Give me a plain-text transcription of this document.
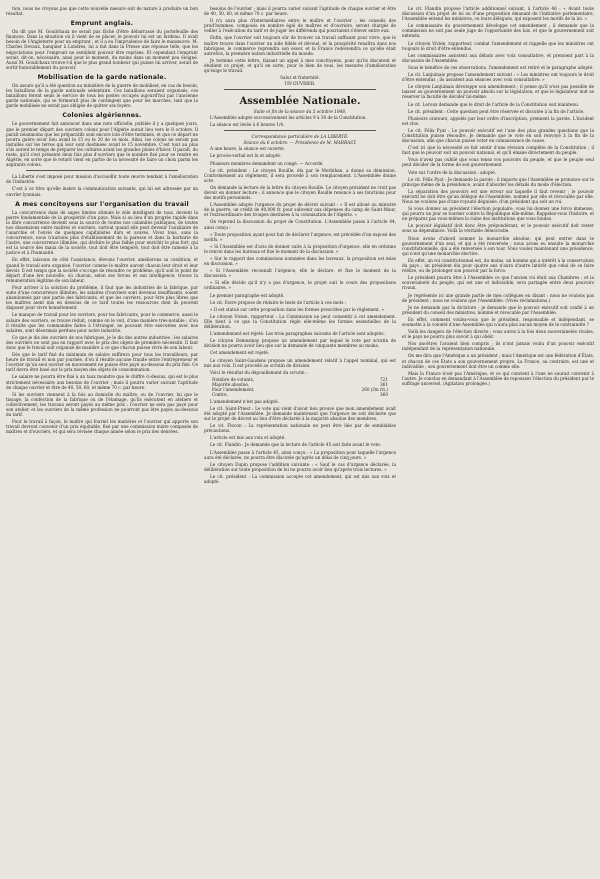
tion, nous ne croyons pas que cette nouvelle mesure soit de nature à produire un bon résultat.

Emprunt anglais.

On dit que M. Goudchaux ne serait pas fâché d'être débarrassé du portefeuille des finances. Dans la situation où il vient de se placer, le pouvoir lui est un fardeau. Il avait besoin de l'Angleterre pour un emprunt ; et il a eu l'imprudence de faire le manœuvre. M. Charles Devaux, banquier à Londres, lui a fait dans la Presse une réponse telle, que les négociations pour l'emprunt ne semblent pouvoir être reprises. Et cependant l'emprunt serait, dit-on, nécessaire, ainsi pour le moment, du moins dans un moment peu éloigné. Aussi M. Goudchaux trouve-t-il que le plus grand bonheur qui puisse lui arriver, serait de sortir honorablement du pouvoir.

Mobilisation de la garde nationale.

On assure qu'il a été question au ministère de la guerre de mobiliser, en cas de besoin, les bataillons de la garde nationale sédentaire. Ces bataillons seraient organisés, ces bataillons feront seuls le service de tous les postes occupés aujourd'hui par l'ancienne garde nationale, qui se formerait plus de contingent que pour les marches, tant que la garde mobilisée ne serait pas obligée de quitter ses foyers.

Colonies algériennes.

Le gouvernement fait annoncer dans une note officielle, publiée il y a quelques jours, que le premier départ des ouvriers colons pour l'Algérie aurait lieu vers le 8 octobre. Il paraît néanmoins que les préparatifs sont encore loin d'être terminés, et que ce départ ne pourra guère avoir lieu avant le 15 ou le 20 de ce mois. Ainsi, les colons ne seront pas installés sur les terres qui leur sont destinées avant le 15 novembre. C'est tout au plus s'ils auront le temps de préparer les cultures avant les grandes pluies d'hiver. Il paraît, du reste, qu'il s'est présenté deux fois plus d'ouvriers que le nombre fixé pour se rendre en Algérie, en sorte que le retard vient en partie de la nécessité de faire un choix parmi les aspirants colons.

La Liberté s'est imposé pour mission d'accueillir toute œuvre tendant à l'amélioration de l'industrie.

C'est à ce titre qu'elle insère la communication suivante, qui lui est adressée par un ouvrier lyonnais.

A mes concitoyens sur l'organisation du travail

La concurrence dans de sages limites stimule le zèle intelligent de tous, devient la pierre fondamentale de la prospérité d'un pays. Mais si au lieu d'un progrès rapide dans la libre concurrence devient sous la source de toutes nos calamités publiques, de toutes nos dissensions entre maîtres et ouvriers, surtout quand elle peut devenir l'auxiliaire de l'anarchie et l'envie de quelques capitalistes durs et avares. Vivez tous, sans la concurrence, nous n'aurions plus d'établissement de la paresse et dans la barbarie de l'autre, une concurrence illimitée, qui déchire le plus faible pour enrichir le plus fort, qui est la source des maux de la société, tout doit être tempéré, tout doit être ramené à la justice et à l'humanité.

En effet, laissons de côté l'assistance, élevons l'ouvrier, améliorons sa condition, et quand le travail sera organisé, l'ouvrier comme le maître auront chacun leur droit et leur devoir. Il est temps que la société s'occupe de résoudre ce problème, qu'il soit le point de départ d'une ère nouvelle, où chacun, selon ses forces et son intelligence, trouve la rémunération légitime de son labeur.

Pour arriver à la solution du problème, il faut que les industries de la fabrique, par suite d'une concurrence illimitée, les salaires d'ouvriers sont devenus insuffisants, soient abandonnés par une partie des fabricants, et que les ouvriers, pour être plus libres que les maîtres aient mis en dessous de ce tarif toutes les ressources dont ils peuvent disposer pour vivre honnêtement.

Le manque de travail pour les ouvriers, pour les fabricants, pour le commerce, aussi le salaire des ouvriers, se trouve réduit, comme on le voit, d'une manière très-notable ; d'où il résulte que les commandes faites à l'étranger, ne pouvant être exécutées avec nos salaires, sont désormais perdues pour notre industrie.

Ce que je dis des ouvriers de nos fabriques, je le dis des autres industries ; les salaires des ouvriers ne sont pas en rapport avec le prix des objets de première nécessité. Il faut donc que le travail soit organisé de manière à ce que chacun puisse vivre de son labeur.

Dès que le tarif fixé du minimum de salaire suffirera pour tous les travailleurs, par heure de travail et non par journée, d'où il résulte aucune fraude entre l'entrepreneur et l'ouvrier qu'un seul ouvrier en mouvement ne puisse être payé au-dessous du prix fixé. Ce tarif devra être basé sur le prix moyen des objets de consommation.

Le salaire ne pourra être fixé à un taux moindre que le chiffre ci-dessus, qui est le plus strictement nécessaire aux besoins de l'ouvrier ; mais il pourra varier suivant l'aptitude de chaque ouvrier et être de 40, 50, 60, et même 70 c. par heure.

Si les ouvriers viennent à la fois au domicile du maître, ou de l'ouvrier, lui que le tissage, la confection de la fabrique ou de l'étamage, qu'ils exécutent en ateliers et collectivement, les travaux seront payés au même prix ; l'ouvrier ne sera pas payé pour son atelier, et les ouvriers de la même profession ne pourront pas être payés au-dessous du tarif.

Pour le travail à façon, le maître qui fournit les matières et l'ouvrier qui apporte son travail devront convenir d'un prix équitable, fixé par une commission mixte composée de maîtres et d'ouvriers, et qui sera révisée chaque année selon le prix des denrées.

besoins de l'ouvrier ; mais il pourra varier suivant l'aptitude de chaque ouvrier et être de 40, 50, 60, et même 70 c. par heure.

Il n'y aura plus d'intermédiaires entre le maître et l'ouvrier ; les conseils des prud'hommes, composés en nombre égal de maîtres et d'ouvriers, seront chargés de veiller à l'exécution du tarif et de juger les différends qui pourraient s'élever entre eux.

Enfin, que l'ouvrier soit toujours sûr de trouver un travail suffisant pour vivre, que le maître trouve dans l'ouvrier un aide fidèle et dévoué, et la prospérité renaîtra dans nos fabriques, le commerce reprendra son essor, et la France redeviendra ce qu'elle était autrefois, la première nation industrielle du monde.

Je termine cette lettre, faisant un appel à mes concitoyens, pour qu'ils discutent et étudient ce projet, et qu'il en sorte, pour le bien de tous, les mesures d'amélioration qu'exige le travail.

Salut et fraternité.
UN OUVRIER.
Assemblée Nationale.
Suite et fin de la séance du 5 octobre 1848.

L'Assemblée adopte successivement les articles 9 à 30 de la Constitution.

La séance est levée à 6 heures 1/4.

Correspondance particulière de LA LIBERTÉ.
Séance du 6 octobre. — Présidence de M. MARRAST.

A une heure, la séance est ouverte.

Le procès-verbal est lu et adopté.

Plusieurs membres demandent un congé. — Accordé.

Le cit. président : Le citoyen Rouille, élu par le Morbihan, a donné sa démission. Conformément au règlement, il sera procédé à son remplacement. L'Assemblée donne acte.

On demande la lecture de la lettre du citoyen Rouille. Le citoyen président ne croit pas devoir en donner lecture ; il annonce que le citoyen Rouille renonce à ses fonctions pour des motifs personnels.

L'Assemblée adopte l'urgence du projet de décret suivant : « Il est alloué au ministre de la guerre, un crédit de 40,000 fr. pour subvenir aux dépenses du camp de Saint-Maur, et l'extraordinaire des troupes destinées à la colonisation de l'Algérie. »

On reprend la discussion du projet de Constitution. L'Assemblée passe à l'article 44, ainsi conçu :

« Toute proposition ayant pour but de déclarer l'urgence, est précédée d'un exposé des motifs. »

« Si l'Assemblée est d'avis de donner suite à la proposition d'urgence, elle en ordonne le renvoi dans les bureaux et fixe le moment de la discussion. »

« Sur le rapport des commissions nommées dans les bureaux, la proposition est mise en discussion. »

« Si l'Assemblée reconnaît l'urgence, elle le déclare, et fixe le moment de la discussion. »

« Si elle décide qu'il n'y a pas d'urgence, le projet suit le cours des propositions ordinaires. »

Le premier paragraphe est adopté.

Le cit. Favre propose de réduire le texte de l'article à ces mots :

« Il est statué sur cette proposition dans les formes prescrites par le règlement. »

Le citoyen Vivien, rapporteur : La Commission ne peut consentir à cet amendement. Elle tient à ce que la Constitution règle elle-même les formes essentielles de la délibération.

L'amendement est rejeté. Les trois paragraphes suivants de l'article sont adoptés.

Le citoyen Demesmay propose un amendement par lequel le vote par scrutin de division ne pourra avoir lieu que sur la demande de cinquante membres au moins.

Cet amendement est rejeté.

Le citoyen Saint-Gaudens propose un amendement relatif à l'appel nominal, qui est mis aux voix. Il est procédé au scrutin de division.

Voici le résultat du dépouillement du scrutin :

Nombre de votants,	721
Majorité absolue,	361
Pour l'amendement,	260 (On rit.)
Contre,	360

L'amendement n'est pas adopté.

Le cit. Saint-Priest : Le vote qui vient d'avoir lieu prouve que mon amendement avait été adopté par l'Assemblée. Je demande maintenant que l'urgence ne soit déclarée que sur le projet de décret au lieu d'être déclarée à la majorité absolue des membres.

Le cit. Flocon : La représentation nationale ne peut être liée par de semblables précautions.

L'article est mis aux voix et adopté.

Le cit. Flandin : Je demande que la lecture de l'article 45 soit faite avant le vote.

L'Assemblée passe à l'article 45, ainsi conçu : « La proposition pour laquelle l'urgence aura été déclarée, ne pourra être discutée qu'après un délai de cinq jours. »

Le citoyen Dupin propose l'addition suivante : « Sauf le cas d'urgence déclarée, la délibération sur toute proposition de loi ne pourra avoir lieu qu'après trois lectures. »

Le cit. président : La commission accepte cet amendement, qui est mis aux voix et adopté.

Le cit. Flandin propose l'article additionnel suivant, à l'article 46 : « Avant toute discussion d'un projet de loi ou d'une proposition émanant de l'initiative parlementaire, l'Assemblée entend les ministres, ou leurs délégués, qui exposent les motifs de la loi. »

Le commissaire du gouvernement développe cet amendement ; il demande que la commission ne soit pas seule juge de l'opportunité des lois, et que le gouvernement soit entendu.

Le citoyen Vivien, rapporteur, combat l'amendement et rappelle que les ministres ont toujours le droit d'être entendus.

Les commissaires assistent aux débats avec voix consultative, et prennent part à la discussion de l'Assemblée.

Sous le bénéfice de ces observations, l'amendement est retiré et le paragraphe adopté.

Le cit. Lanjuinais propose l'amendement suivant : « Les ministres ont toujours le droit d'être entendus ; ils assistent aux séances avec voix consultative. »

Le citoyen Lanjuinais développe son amendement ; il pense qu'il n'est pas possible de laisser au gouvernement un pouvoir absolu sur la législation, et que le législateur doit se réserver la faculté de décider lui-même.

Le cit. Leroux demande que le droit de l'article de la Constitution soit maintenu.

Le cit. président : Cette question peut être réservée et discutée à la fin de l'article.

Plusieurs orateurs, appelés par leur ordre d'inscription, prennent la parole. L'incident est clos.

Le cit. Félix Pyat : Le pouvoir exécutif est l'une des plus grandes questions que la Constitution puisse résoudre. Je demande que le vote en soit renvoyé à la fin de la discussion, afin que chacun puisse voter en connaissance de cause.

C'est ici que la nécessité se fait sentir d'une révision complète de la Constitution ; il faut que le pouvoir soit un pouvoir national, et qu'il émane directement du peuple.

Vous n'avez pas oublié que vous tenez vos pouvoirs du peuple, et que le peuple seul peut décider de la forme de son gouvernement.

Vote sur l'ordre de la discussion : adopté.

Le cit. Félix Pyat : Je demande la parole ; il importe que l'Assemblée se prononce sur le principe même de la présidence, avant d'aborder les détails du mode d'élection.

La séparation des pouvoirs est une erreur sur laquelle il faut revenir ; le pouvoir exécutif ne doit être qu'un délégué de l'Assemblée, nommé par elle et révocable par elle. Nous ne voulons pas d'une royauté déguisée, d'un président qui soit un roi.

Si vous donnez au président l'élection populaire, vous lui donnez une force immense, qui pourra un jour se tourner contre la République elle-même. Rappelez-vous l'histoire, et ne préparez pas vous-mêmes la ruine des institutions que vous fondez.

Le pouvoir législatif doit donc être prépondérant, et le pouvoir exécutif doit rester sous sa dépendance. Voilà la véritable démocratie.

Nous avons d'abord nommé la monarchie absolue, qui peut entrer dans le gouvernement d'un seul, et qui a été renversée ; nous avons eu ensuite la monarchie constitutionnelle, qui a été renversée à son tour. Vous voulez maintenant une présidence, qui n'est qu'une monarchie élective.

En effet, un roi constitutionnel est, du moins, un homme qui a intérêt à la conservation du pays ; un président élu pour quatre ans n'aura d'autre intérêt que celui de se faire réélire, ou de prolonger son pouvoir par la force.

Le président pourra être à l'Assemblée ce que l'ancien roi était aux Chambres ; et la souveraineté du peuple, qui est une et indivisible, sera partagée entre deux pouvoirs rivaux.

Je représente ici une grande partie de mes collègues en disant : nous ne voulons pas de président ; nous ne voulons que l'Assemblée. (Vives réclamations.)

Je ne demande pas la dictature ; je demande que le pouvoir exécutif soit confié à un président du conseil des ministres, nommé et révocable par l'Assemblée.

En effet, comment voulez-vous que le président, responsable et indépendant, se soumette à la volonté d'une Assemblée qui n'aura plus aucun moyen de le contraindre ?

Voilà les dangers de l'élection directe ; vous aurez à la fois deux souverainetés rivales, et le pays ne pourra plus savoir à qui obéir.

Nos ancêtres l'avaient bien compris ; ils n'ont jamais voulu d'un pouvoir exécutif indépendant de la représentation nationale.

On me dira que l'Amérique a un président ; mais l'Amérique est une fédération d'États, et chacun de ces États a son gouvernement propre. La France, au contraire, est une et indivisible ; son gouvernement doit être un comme elle.

Mais la France n'est pas l'Amérique, et ce qui convient à l'une ne saurait convenir à l'autre. Je conclus en demandant à l'Assemblée de repousser l'élection du président par le suffrage universel. (Agitation prolongée.)
